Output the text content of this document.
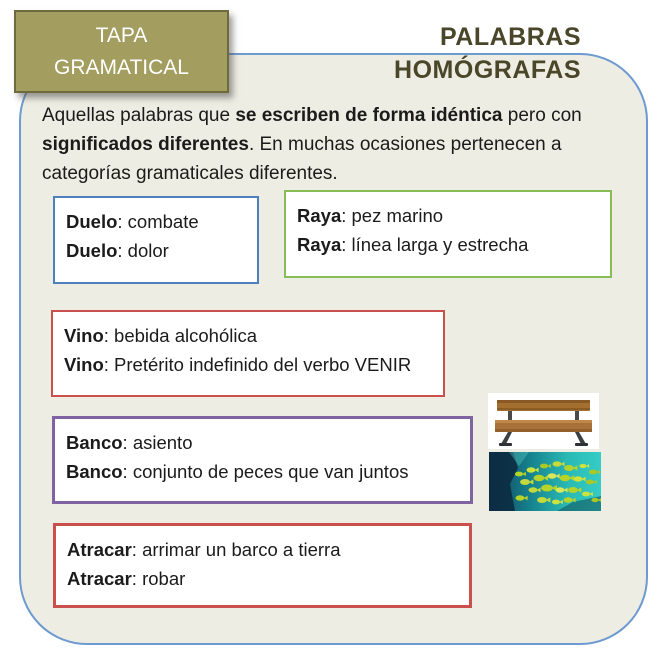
TAPA
GRAMATICAL
PALABRAS
HOMÓGRAFAS
Aquellas palabras que se escriben de forma idéntica pero con
significados diferentes. En muchas ocasiones pertenecen a
categorías gramaticales diferentes.
Duelo: combate
Duelo: dolor
Raya: pez marino
Raya: línea larga y estrecha
Vino: bebida alcohólica
Vino: Pretérito indefinido del verbo VENIR
Banco: asiento
Banco: conjunto de peces que van juntos
Atracar: arrimar un barco a tierra
Atracar: robar
